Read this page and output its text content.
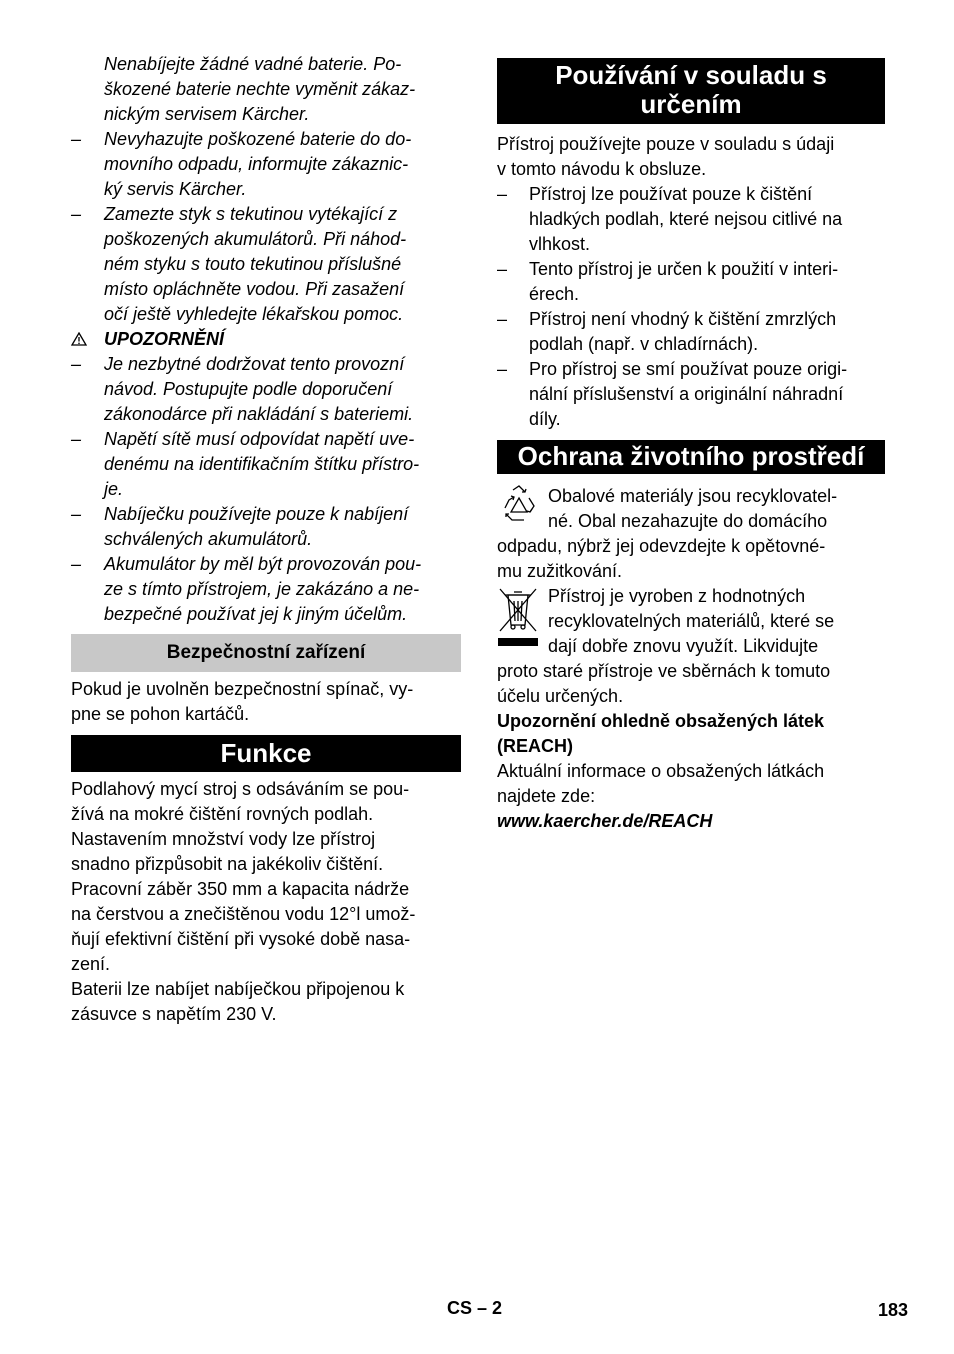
Nenabíjejte žádné vadné baterie. Po-
škozené baterie nechte vyměnit zákaz-
nickým servisem Kärcher.
–	Nevyhazujte poškozené baterie do do-
movního odpadu, informujte zákaznic-
ký servis Kärcher.
–	Zamezte styk s tekutinou vytékající z
poškozených akumulátorů. Při náhod-
ném styku s touto tekutinou příslušné
místo opláchněte vodou. Při zasažení
očí ještě vyhledejte lékařskou pomoc.
UPOZORNĚNÍ
–	Je nezbytné dodržovat tento provozní
návod. Postupujte podle doporučení
zákonodárce při nakládání s bateriemi.
–	Napětí sítě musí odpovídat napětí uve-
denému na identifikačním štítku přístro-
je.
–	Nabíječku používejte pouze k nabíjení
schválených akumulátorů.
–	Akumulátor by měl být provozován pou-
ze s tímto přístrojem, je zakázáno a ne-
bezpečné používat jej k jiným účelům.
Bezpečnostní zařízení
Pokud je uvolněn bezpečnostní spínač, vy-
pne se pohon kartáčů.
Funkce
Podlahový mycí stroj s odsáváním se pou-
žívá na mokré čištění rovných podlah.
Nastavením množství vody lze přístroj
snadno přizpůsobit na jakékoliv čištění.
Pracovní záběr 350 mm a kapacita nádrže
na čerstvou a znečištěnou vodu 12°l umož-
ňují efektivní čištění při vysoké době nasa-
zení.
Baterii lze nabíjet nabíječkou připojenou k
zásuvce s napětím 230 V.
Používání v souladu s
určením
Přístroj používejte pouze v souladu s údaji
v tomto návodu k obsluze.
–	Přístroj lze používat pouze k čištění
hladkých podlah, které nejsou citlivé na
vlhkost.
–	Tento přístroj je určen k použití v interi-
érech.
–	Přístroj není vhodný k čištění zmrzlých
podlah (např. v chladírnách).
–	Pro přístroj se smí používat pouze origi-
nální příslušenství a originální náhradní
díly.
Ochrana životního prostředí
Obalové materiály jsou recyklovatel-
né. Obal nezahazujte do domácího
odpadu, nýbrž jej odevzdejte k opětovné-
mu zužitkování.
Přístroj je vyroben z hodnotných
recyklovatelných materiálů, které se
dají dobře znovu využít. Likvidujte
proto staré přístroje ve sběrnách k tomuto
účelu určených.
Upozornění ohledně obsažených látek
(REACH)
Aktuální informace o obsažených látkách
najdete zde:
www.kaercher.de/REACH
CS – 2	183
